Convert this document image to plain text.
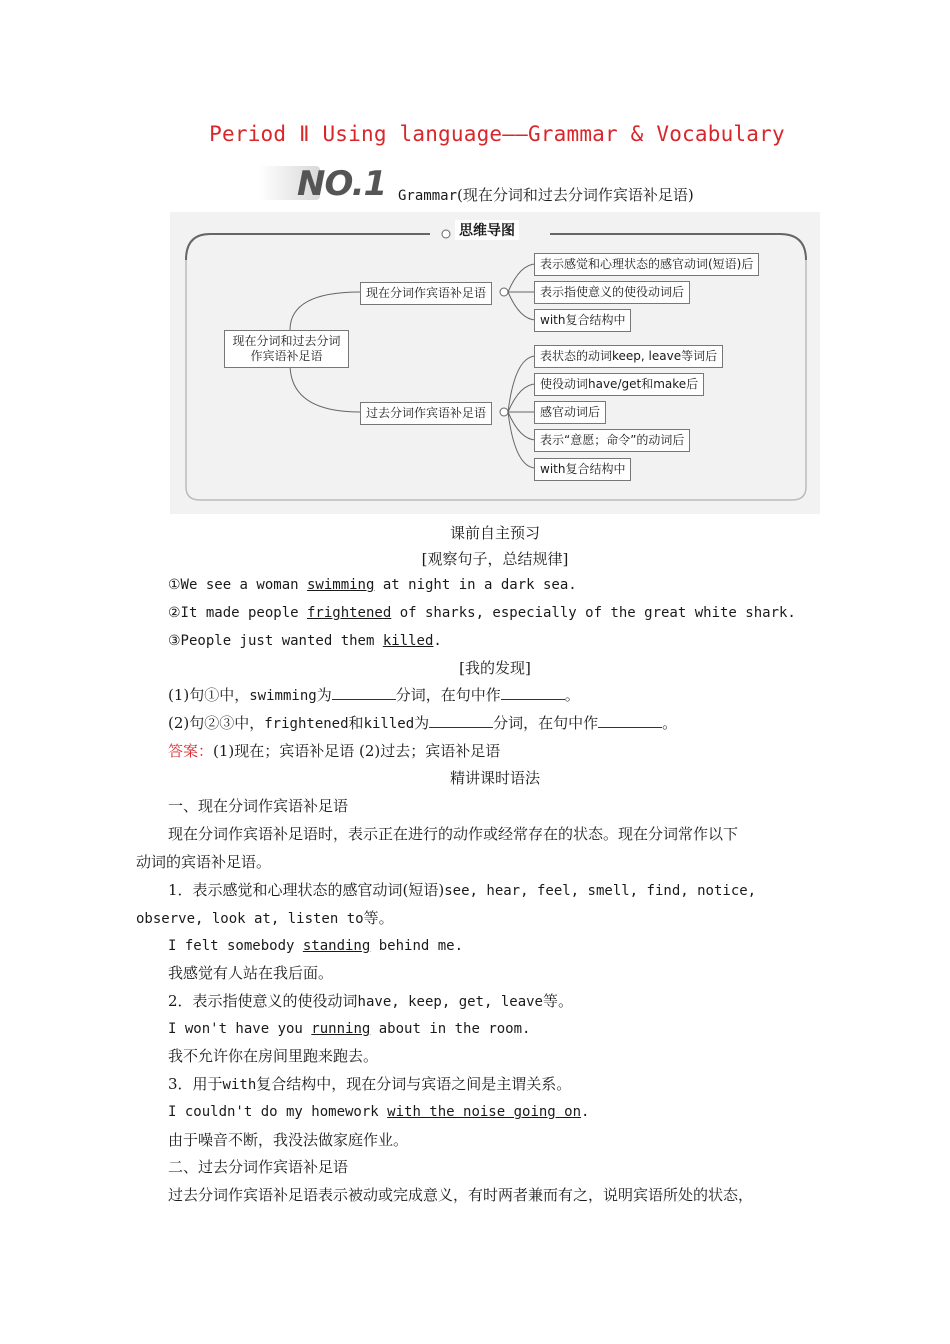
Period Ⅱ Using language——Grammar & Vocabulary
NO.1 Grammar(现在分词和过去分词作宾语补足语)
现在分词和过去分词作宾语补足语
现在分词作宾语补足语
过去分词作宾语补足语
表示感觉和心理状态的感官动词(短语)后
表示指使意义的使役动词后
with复合结构中
表状态的动词keep, leave等词后
使役动词have/get和make后
感官动词后
表示“意愿；命令”的动词后
with复合结构中
思维导图
课前自主预习
[观察句子，总结规律]
①We see a woman swimming at night in a dark sea.
②It made people frightened of sharks, especially of the great white shark.
③People just wanted them killed.
[我的发现]
(1)句①中，swimming为	分词，在句中作	。
(2)句②③中，frightened和killed为	分词，在句中作	。
答案：(1)现在；宾语补足语 (2)过去；宾语补足语
精讲课时语法
一、现在分词作宾语补足语
现在分词作宾语补足语时，表示正在进行的动作或经常存在的状态。现在分词常作以下
动词的宾语补足语。
1．表示感觉和心理状态的感官动词(短语)see, hear, feel, smell, find, notice,
observe, look at, listen to等。
I felt somebody standing behind me.
我感觉有人站在我后面。
2．表示指使意义的使役动词have, keep, get, leave等。
I won't have you running about in the room.
我不允许你在房间里跑来跑去。
3．用于with复合结构中，现在分词与宾语之间是主谓关系。
I couldn't do my homework with the noise going on.
由于噪音不断，我没法做家庭作业。
二、过去分词作宾语补足语
过去分词作宾语补足语表示被动或完成意义，有时两者兼而有之，说明宾语所处的状态，
